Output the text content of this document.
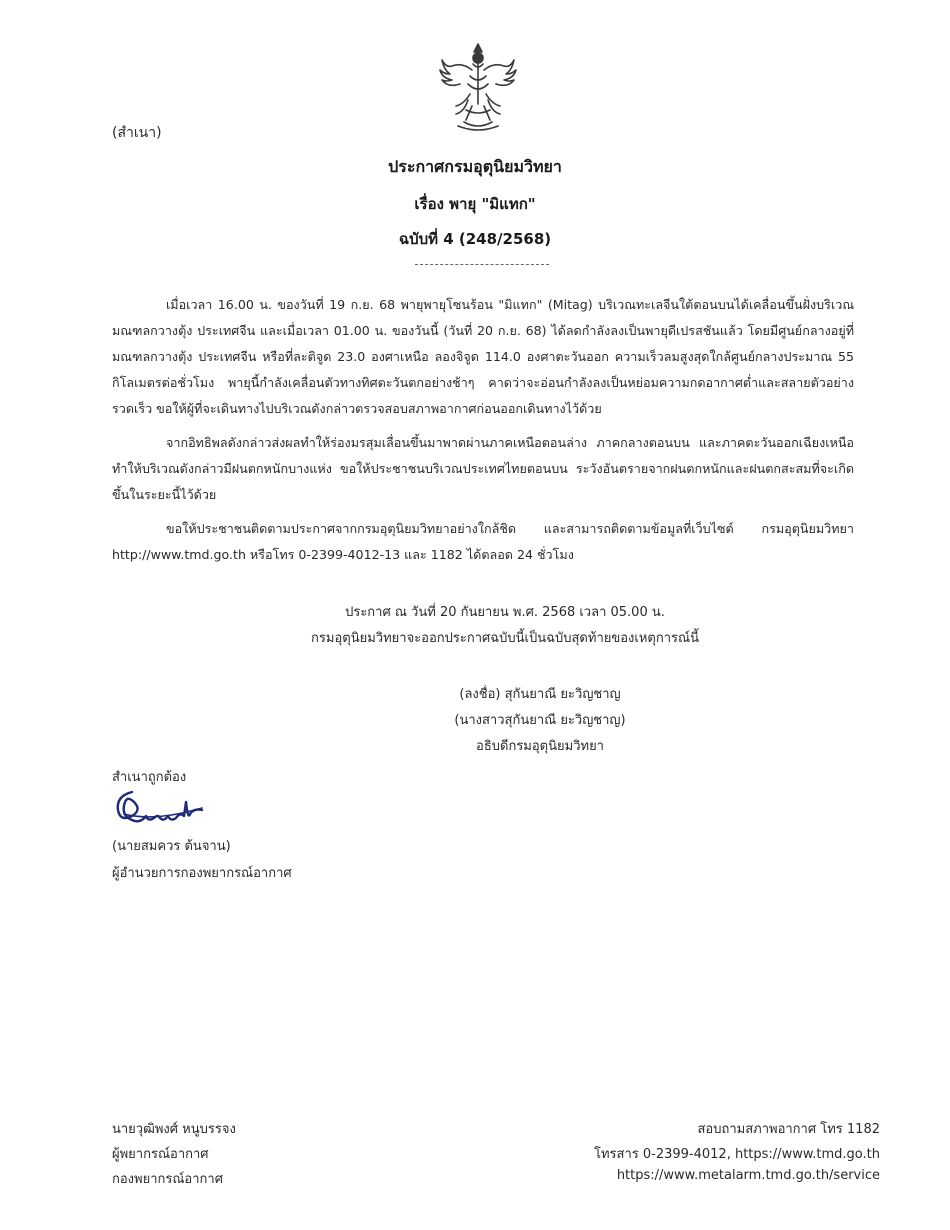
(สำเนา)
ประกาศกรมอุตุนิยมวิทยา
เรื่อง พายุ "มิแทก"
ฉบับที่ 4 (248/2568)
เมื่อเวลา 16.00 น. ของวันที่ 19 ก.ย. 68 พายุพายุโซนร้อน "มิแทก" (Mitag) บริเวณทะเลจีนใต้ตอนบนได้เคลื่อนขึ้นฝั่งบริเวณมณฑลกวางตุ้ง ประเทศจีน และเมื่อเวลา 01.00 น. ของวันนี้ (วันที่ 20 ก.ย. 68) ได้ลดกำลังลงเป็นพายุดีเปรสชันแล้ว โดยมีศูนย์กลางอยู่ที่มณฑลกวางตุ้ง ประเทศจีน หรือที่ละติจูด 23.0 องศาเหนือ ลองจิจูด 114.0 องศาตะวันออก ความเร็วลมสูงสุดใกล้ศูนย์กลางประมาณ 55 กิโลเมตรต่อชั่วโมง พายุนี้กำลังเคลื่อนตัวทางทิศตะวันตกอย่างช้าๆ คาดว่าจะอ่อนกำลังลงเป็นหย่อมความกดอากาศต่ำและสลายตัวอย่างรวดเร็ว ขอให้ผู้ที่จะเดินทางไปบริเวณดังกล่าวตรวจสอบสภาพอากาศก่อนออกเดินทางไว้ด้วย
จากอิทธิพลดังกล่าวส่งผลทำให้ร่องมรสุมเลื่อนขึ้นมาพาดผ่านภาคเหนือตอนล่าง ภาคกลางตอนบน และภาคตะวันออกเฉียงเหนือ ทำให้บริเวณดังกล่าวมีฝนตกหนักบางแห่ง ขอให้ประชาชนบริเวณประเทศไทยตอนบน ระวังอันตรายจากฝนตกหนักและฝนตกสะสมที่จะเกิดขึ้นในระยะนี้ไว้ด้วย
ขอให้ประชาชนติดตามประกาศจากกรมอุตุนิยมวิทยาอย่างใกล้ชิด และสามารถติดตามข้อมูลที่เว็บไซต์ กรมอุตุนิยมวิทยา http://www.tmd.go.th หรือโทร 0-2399-4012-13 และ 1182 ได้ตลอด 24 ชั่วโมง
ประกาศ ณ วันที่ 20 กันยายน พ.ศ. 2568 เวลา 05.00 น.
กรมอุตุนิยมวิทยาจะออกประกาศฉบับนี้เป็นฉบับสุดท้ายของเหตุการณ์นี้
(ลงชื่อ) สุกันยาณี ยะวิญชาญ
(นางสาวสุกันยาณี ยะวิญชาญ)
อธิบดีกรมอุตุนิยมวิทยา
สำเนาถูกต้อง
(นายสมควร ต้นจาน)
ผู้อำนวยการกองพยากรณ์อากาศ
นายวุฒิพงศ์ หนูบรรจง
ผู้พยากรณ์อากาศ
กองพยากรณ์อากาศ
สอบถามสภาพอากาศ โทร 1182
โทรสาร 0-2399-4012, https://www.tmd.go.th
https://www.metalarm.tmd.go.th/service
